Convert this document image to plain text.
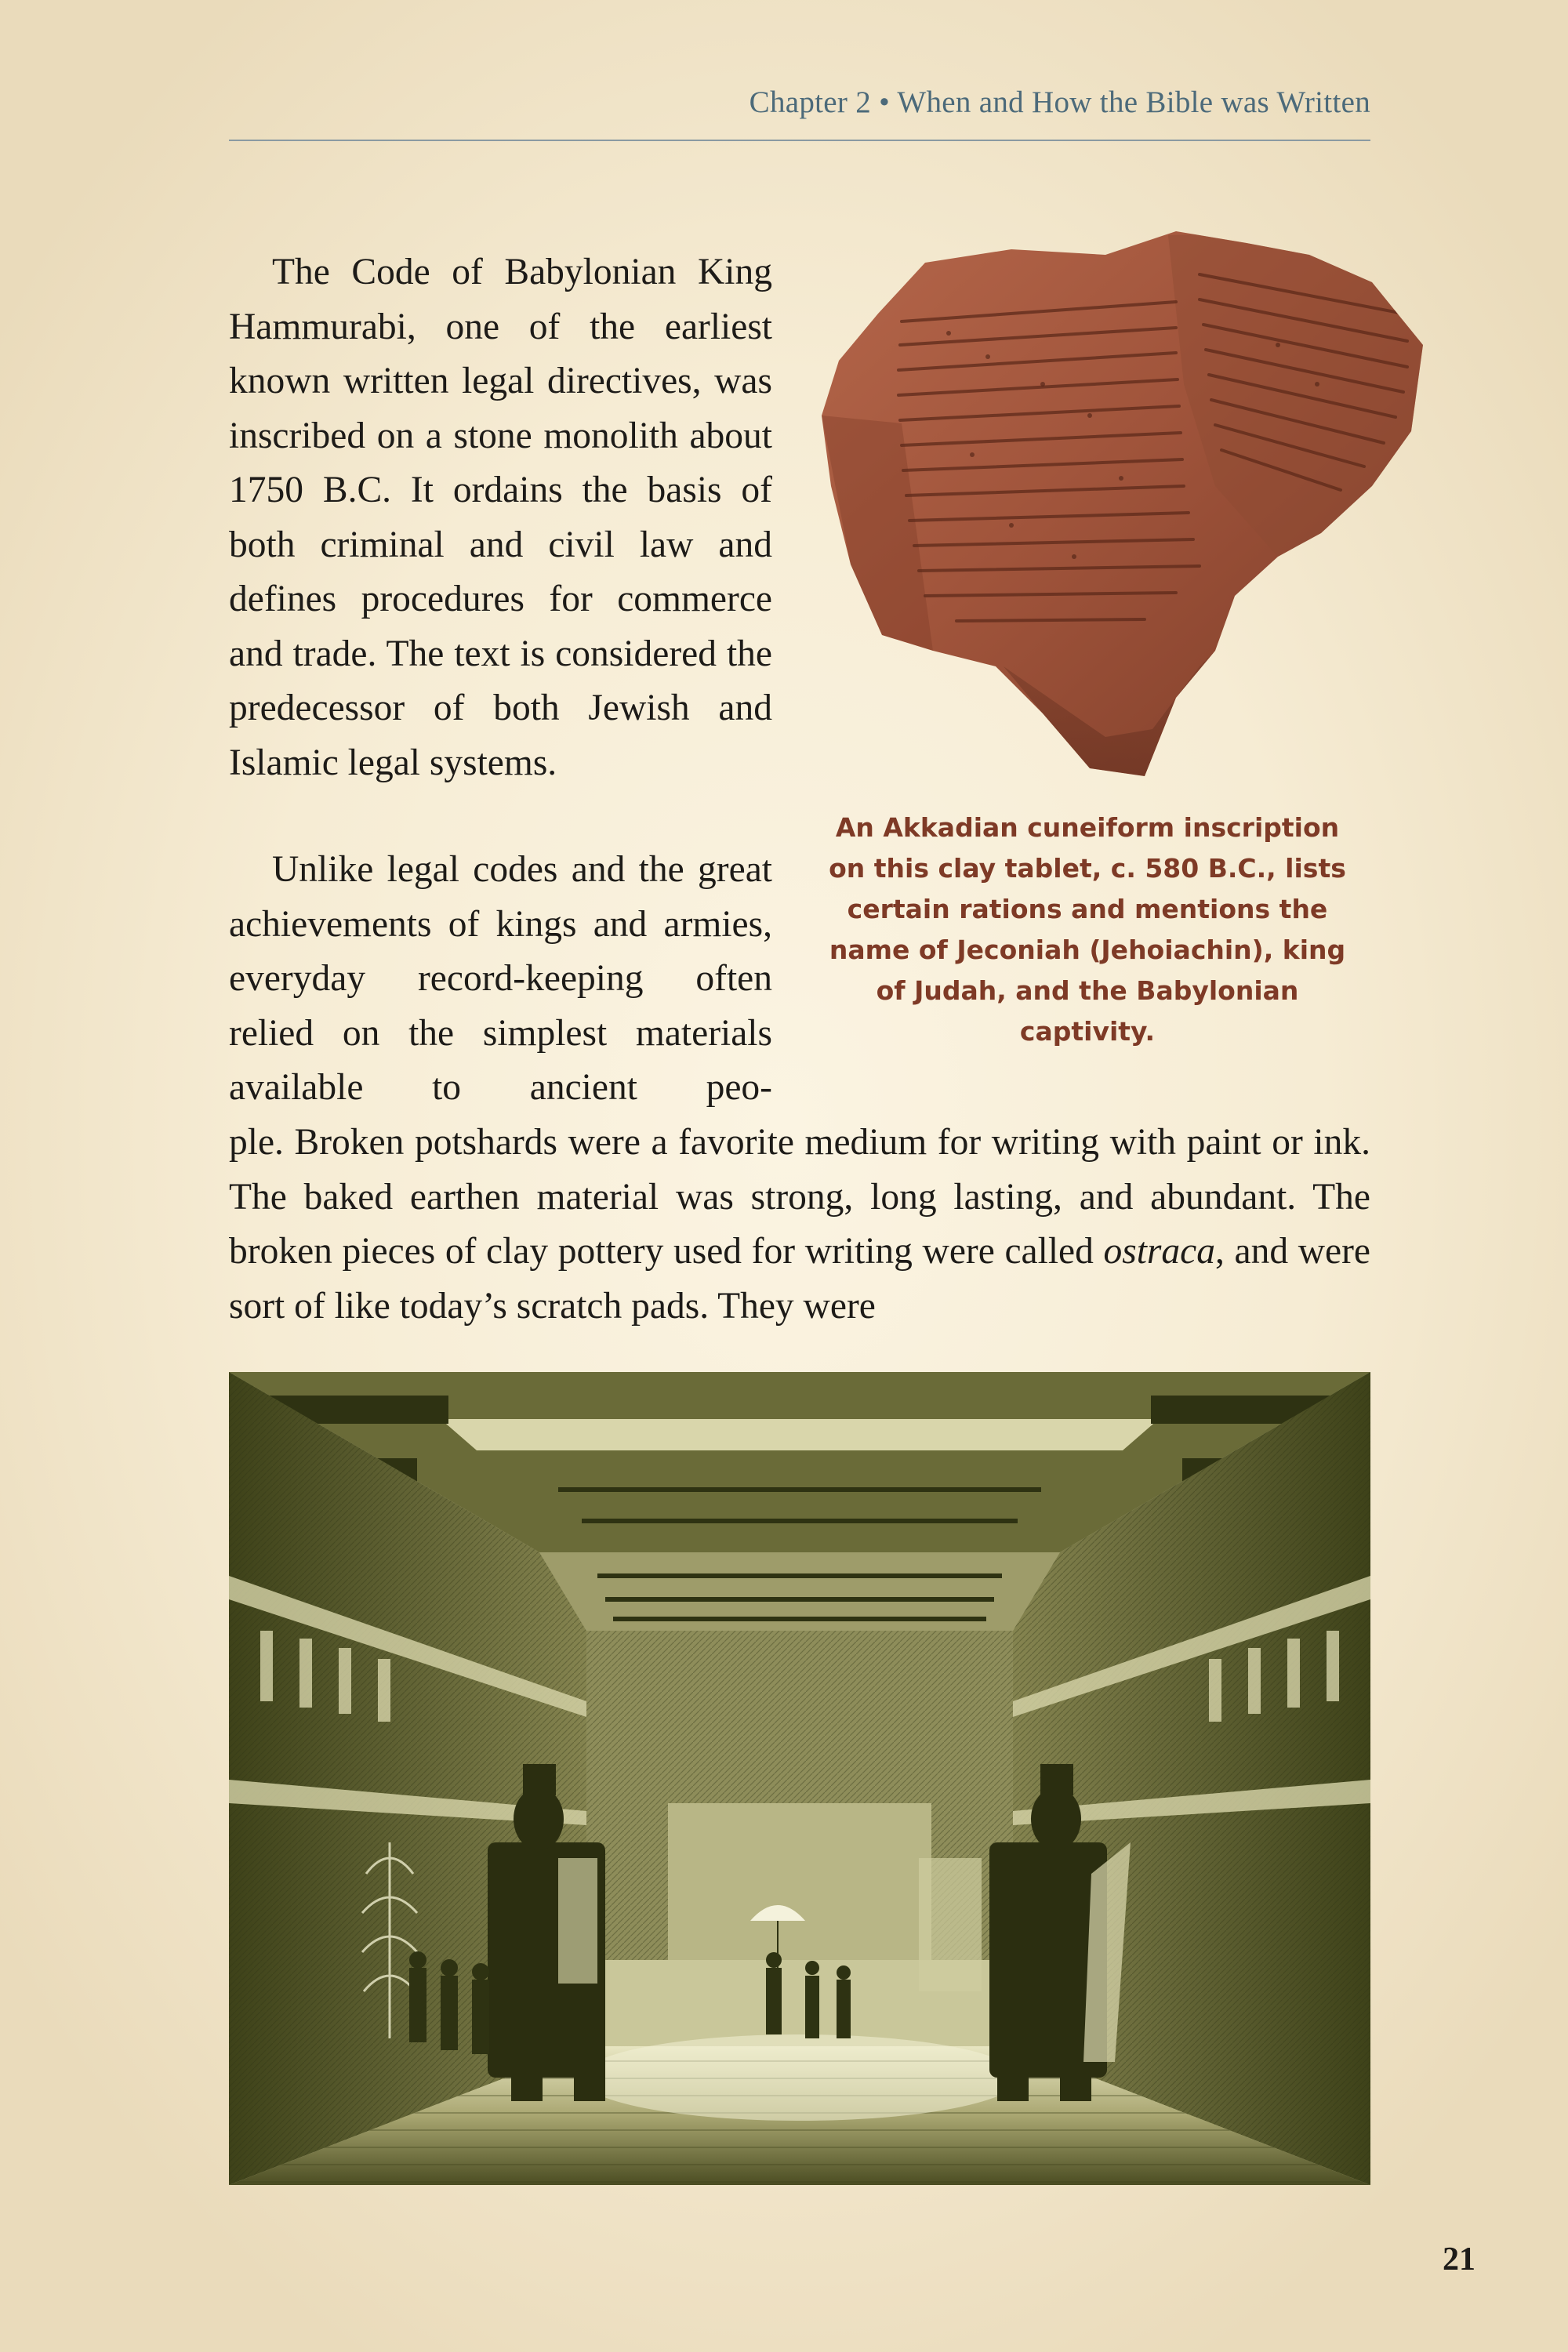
Chapter 2 • When and How the Bible was Written

The Code of Babylonian King Hammurabi, one of the earliest known written legal directives, was inscribed on a stone monolith about 1750 B.C. It ordains the basis of both criminal and civil law and defines procedures for commerce and trade. The text is considered the predecessor of both Jewish and Islamic legal systems.

Unlike legal codes and the great achievements of kings and armies, everyday record-keeping often relied on the simplest materials available to ancient peo-

ple. Broken potshards were a favorite medium for writing with paint or ink. The baked earthen material was strong, long lasting, and abundant. The broken pieces of clay pottery used for writing were called ostraca, and were sort of like today’s scratch pads. They were

An Akkadian cuneiform inscription on this clay tablet, c. 580 B.C., lists certain rations and mentions the name of Jeconiah (Jehoiachin), king of Judah, and the Babylonian captivity.
21
